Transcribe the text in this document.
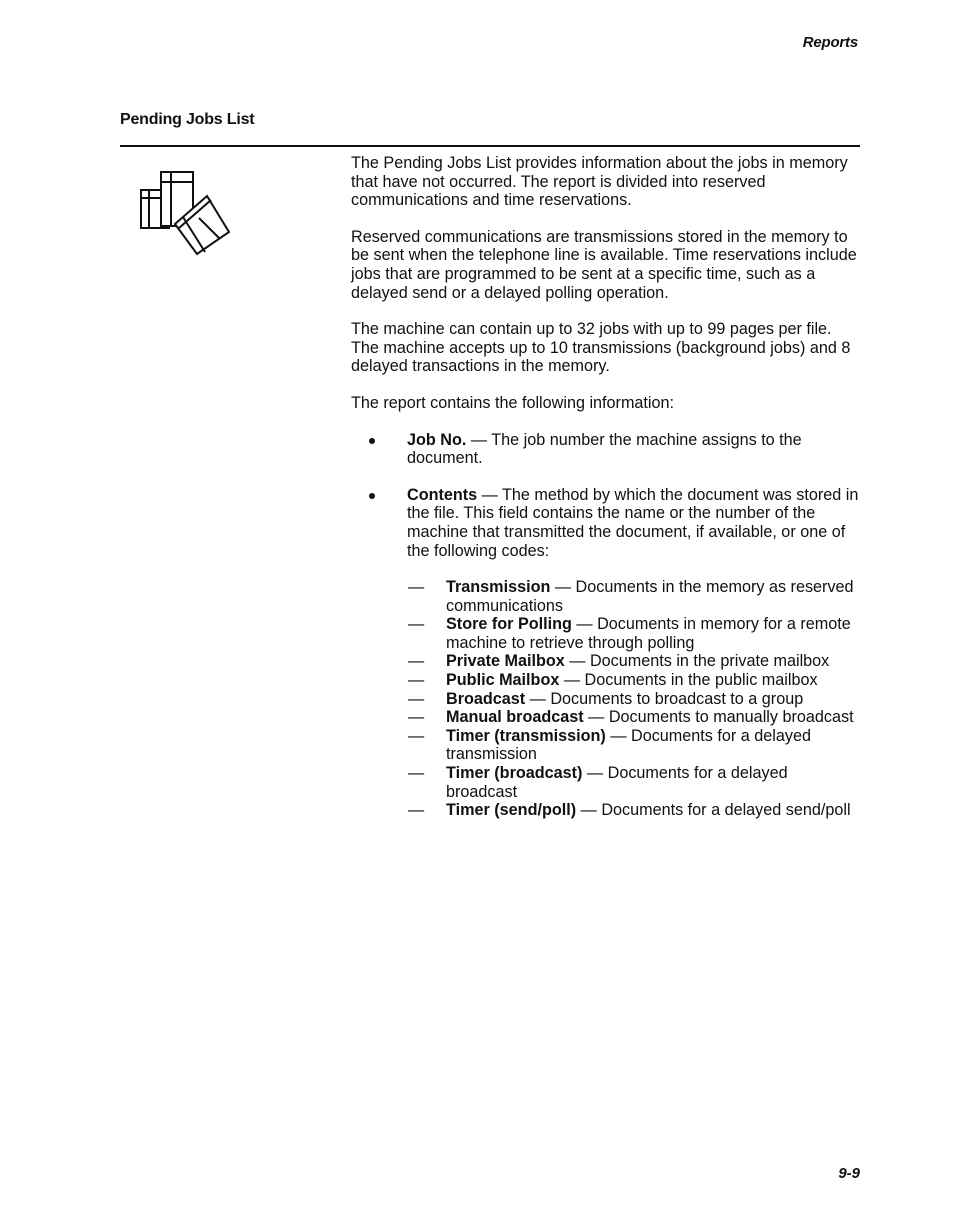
Reports
Pending Jobs List

The Pending Jobs List provides information about the jobs in memory that have not occurred. The report is divided into reserved communications and time reservations.

Reserved communications are transmissions stored in the memory to be sent when the telephone line is available. Time reservations include jobs that are programmed to be sent at a specific time, such as a delayed send or a delayed polling operation.

The machine can contain up to 32 jobs with up to 99 pages per file. The machine accepts up to 10 transmissions (background jobs) and 8 delayed transactions in the memory.

The report contains the following information:

Job No. — The job number the machine assigns to the document.
Contents — The method by which the document was stored in the file. This field contains the name or the number of the machine that transmitted the document, if available, or one of the following codes:
— Transmission — Documents in the memory as reserved communications
— Store for Polling — Documents in memory for a remote machine to retrieve through polling
— Private Mailbox — Documents in the private mailbox
— Public Mailbox — Documents in the public mailbox
— Broadcast — Documents to broadcast to a group
— Manual broadcast — Documents to manually broadcast
— Timer (transmission) — Documents for a delayed transmission
— Timer (broadcast) — Documents for a delayed broadcast
— Timer (send/poll) — Documents for a delayed send/poll
9-9
